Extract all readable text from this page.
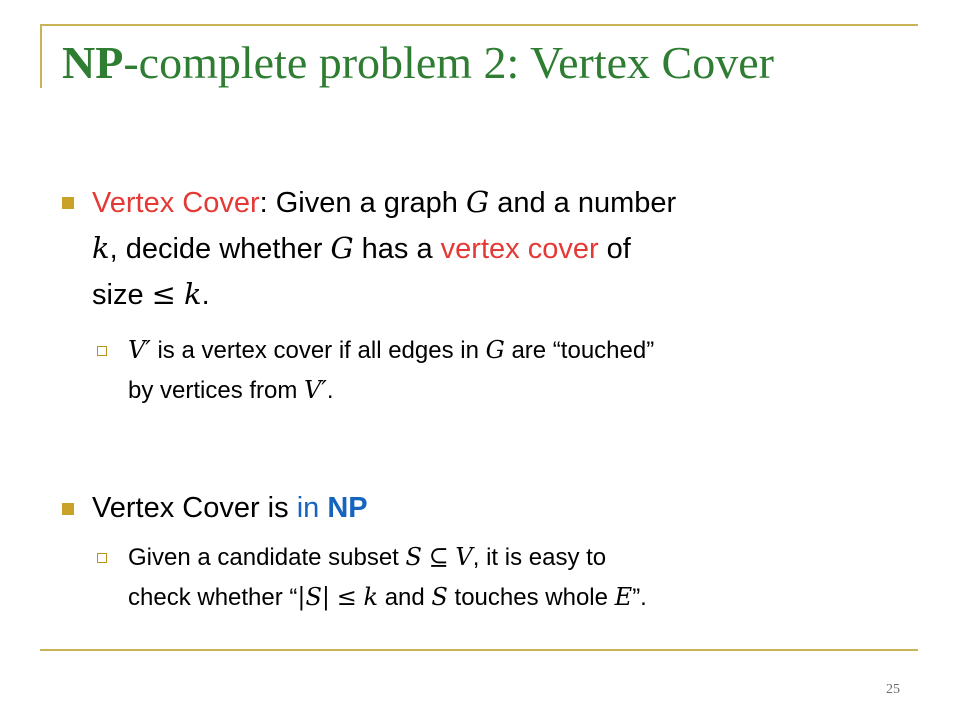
NP-complete problem 2: Vertex Cover
Vertex Cover: Given a graph G and a number
k, decide whether G has a vertex cover of
size ≤ k.
V′ is a vertex cover if all edges in G are “touched”
by vertices from V′.
Vertex Cover is in NP
Given a candidate subset S ⊆ V, it is easy to
check whether “|S| ≤ k and S touches whole E”.
25
